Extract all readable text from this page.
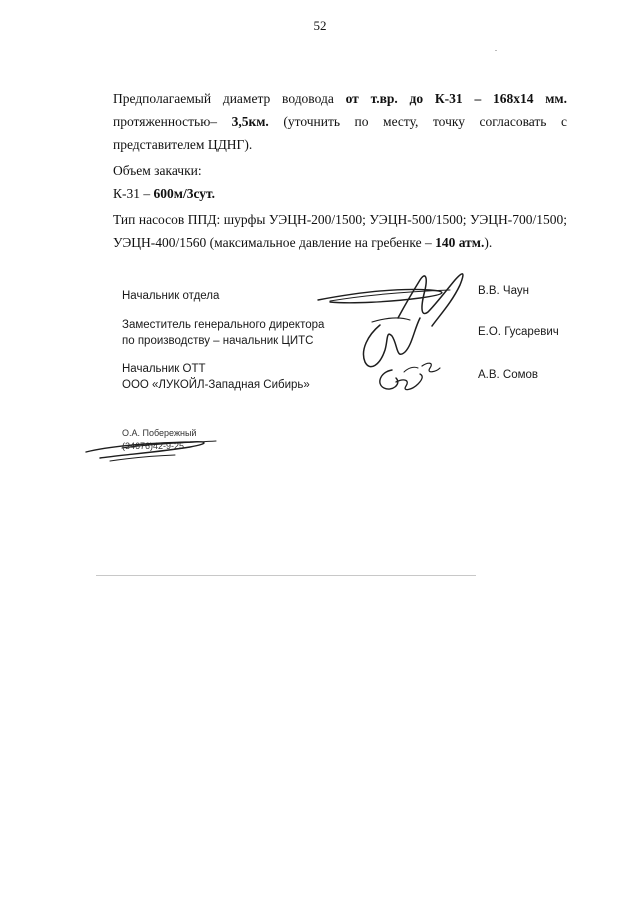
52
Предполагаемый диаметр водовода от т.вр. до К-31 – 168х14 мм.
протяженностью– 3,5км. (уточнить по месту, точку согласовать с
представителем ЦДНГ).
Объем закачки:
К-31 – 600м/3сут.
Тип насосов ППД: шурфы УЭЦН-200/1500; УЭЦН-500/1500; УЭЦН-700/1500;
УЭЦН-400/1560 (максимальное давление на гребенке – 140 атм.).
Начальник отдела	В.В. Чаун
Заместитель генерального директора
по производству – начальник ЦИТС
Е.О. Гусаревич
Начальник ОТТ
ООО «ЛУКОЙЛ-Западная Сибирь»
А.В. Сомов
О.А. Побережный
(34676)42-9-25
